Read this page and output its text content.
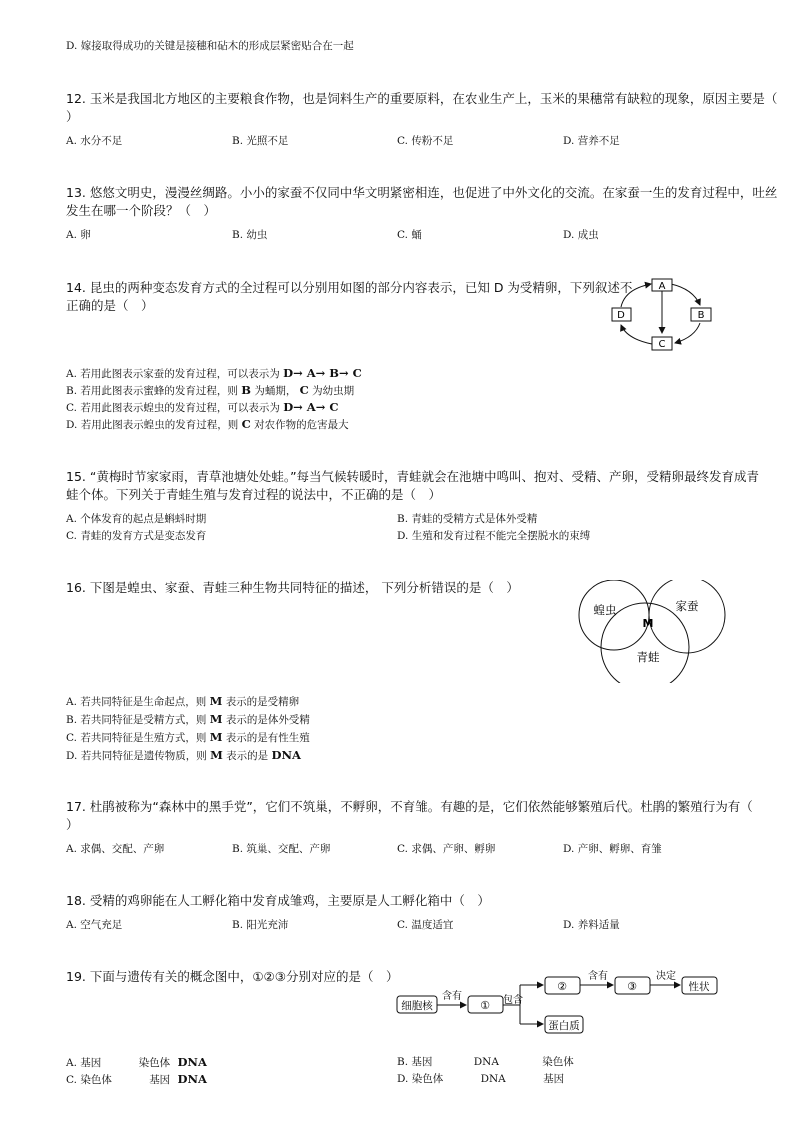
D. 嫁接取得成功的关键是接穗和砧木的形成层紧密贴合在一起
12. 玉米是我国北方地区的主要粮食作物，也是饲料生产的重要原料，在农业生产上，玉米的果穗常有缺粒的现象，原因主要是（
）
A. 水分不足	B. 光照不足	C. 传粉不足	D. 营养不足
13. 悠悠文明史，漫漫丝绸路。小小的家蚕不仅同中华文明紧密相连，也促进了中外文化的交流。在家蚕一生的发育过程中，吐丝
发生在哪一个阶段？（　）
A. 卵	B. 幼虫	C. 蛹	D. 成虫
14. 昆虫的两种变态发育方式的全过程可以分别用如图的部分内容表示，已知 D 为受精卵，下列叙述不
正确的是（　）
A
B
C
D
A. 若用此图表示家蚕的发育过程，可以表示为 D→ A→ B→ C
B. 若用此图表示蜜蜂的发育过程，则 B 为蛹期， C 为幼虫期
C. 若用此图表示蝗虫的发育过程，可以表示为 D→ A→ C
D. 若用此图表示蝗虫的发育过程，则 C 对农作物的危害最大
15. “黄梅时节家家雨，青草池塘处处蛙。”每当气候转暖时，青蛙就会在池塘中鸣叫、抱对、受精、产卵，受精卵最终发育成青
蛙个体。下列关于青蛙生殖与发育过程的说法中，不正确的是（　）
A. 个体发育的起点是蝌蚪时期	B. 青蛙的受精方式是体外受精
C. 青蛙的发育方式是变态发育	D. 生殖和发育过程不能完全摆脱水的束缚
16. 下图是蝗虫、家蚕、青蛙三种生物共同特征的描述， 下列分析错误的是（　）
蝗虫	家蚕
青蛙
M
A. 若共同特征是生命起点，则 M 表示的是受精卵
B. 若共同特征是受精方式，则 M 表示的是体外受精
C. 若共同特征是生殖方式，则 M 表示的是有性生殖
D. 若共同特征是遗传物质，则 M 表示的是 DNA
17. 杜鹃被称为“森林中的黑手党”，它们不筑巢，不孵卵，不育雏。有趣的是，它们依然能够繁殖后代。杜鹃的繁殖行为有（
）
A. 求偶、交配、产卵	B. 筑巢、交配、产卵	C. 求偶、产卵、孵卵	D. 产卵、孵卵、育雏
18. 受精的鸡卵能在人工孵化箱中发育成雏鸡，主要原是人工孵化箱中（　）
A. 空气充足	B. 阳光充沛	C. 温度适宜	D. 养料适量
19. 下面与遗传有关的概念图中，①②③分别对应的是（　）
细胞核
含有
① 包含
②
含有
③
决定
性状
蛋白质
A. 基因	染色体 DNA	B. 基因	DNA	染色体
C. 染色体	基因 DNA	D. 染色体	DNA	基因
